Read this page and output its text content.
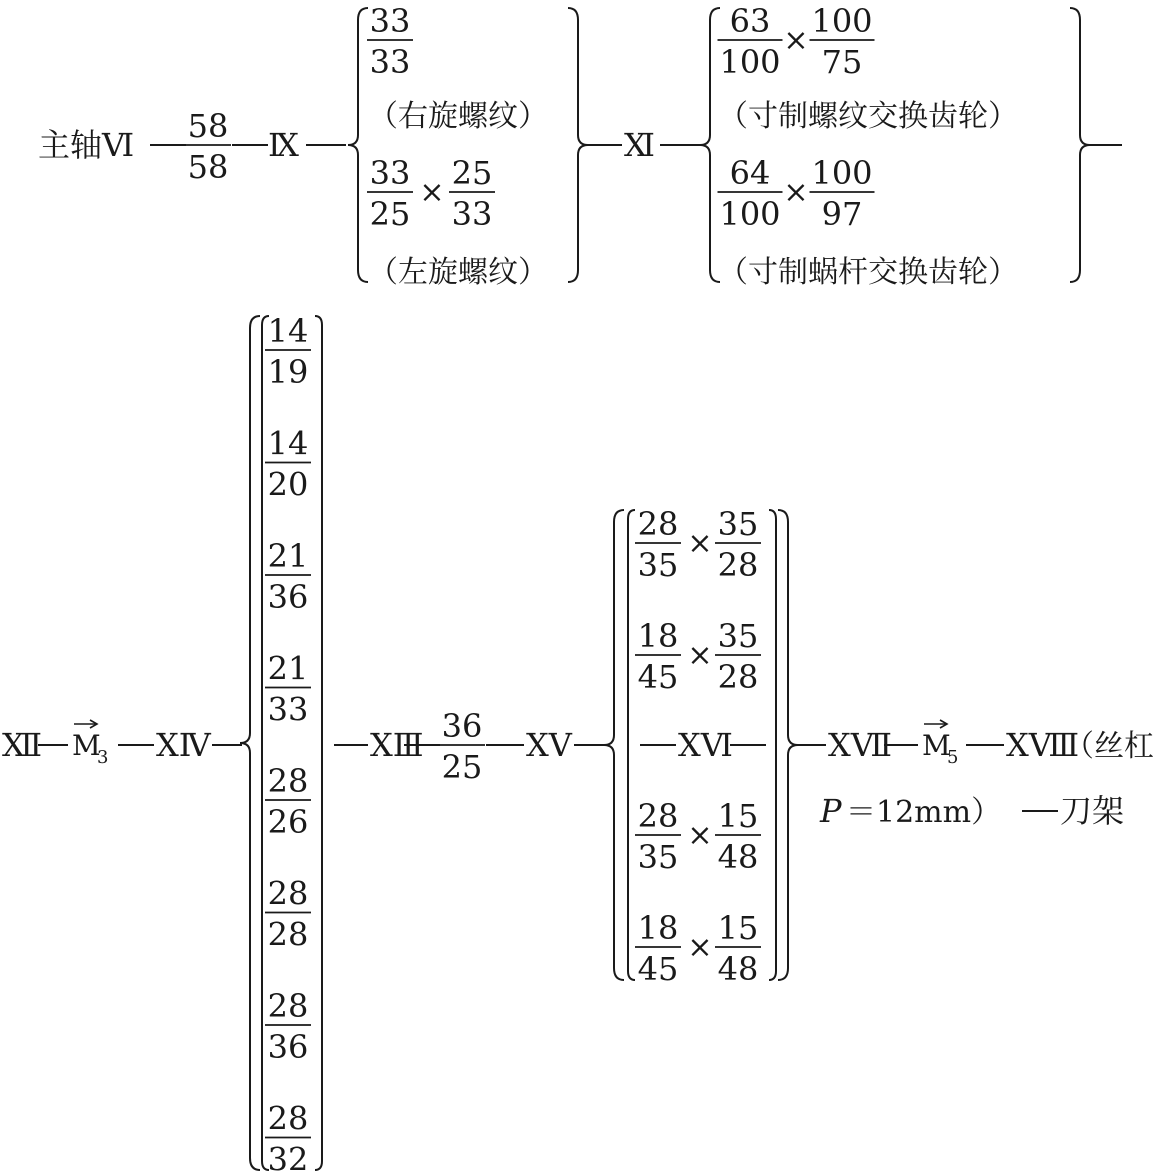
主轴Ⅵ 58
58
Ⅸ
33
33
（右旋螺纹）
33
25
×
25
33
（左旋螺纹）
Ⅺ
63
100
×
100
75
（寸制螺纹交换齿轮）
64
100
×
100
97
（寸制蜗杆交换齿轮）
Ⅻ M
3 ⅩⅣ
14
19
14
20
21
36
21
33
28
26
28
28
28
36
28
32
ⅩⅢ 36
25
ⅩⅤ
28
35
×
35
28
18
45
×
35
28
28
35
×
15
48
18
45
×
15
48
ⅩⅥ	ⅩⅦ M
5 ⅩⅧ
（丝杠
P ＝12mm） 刀架
